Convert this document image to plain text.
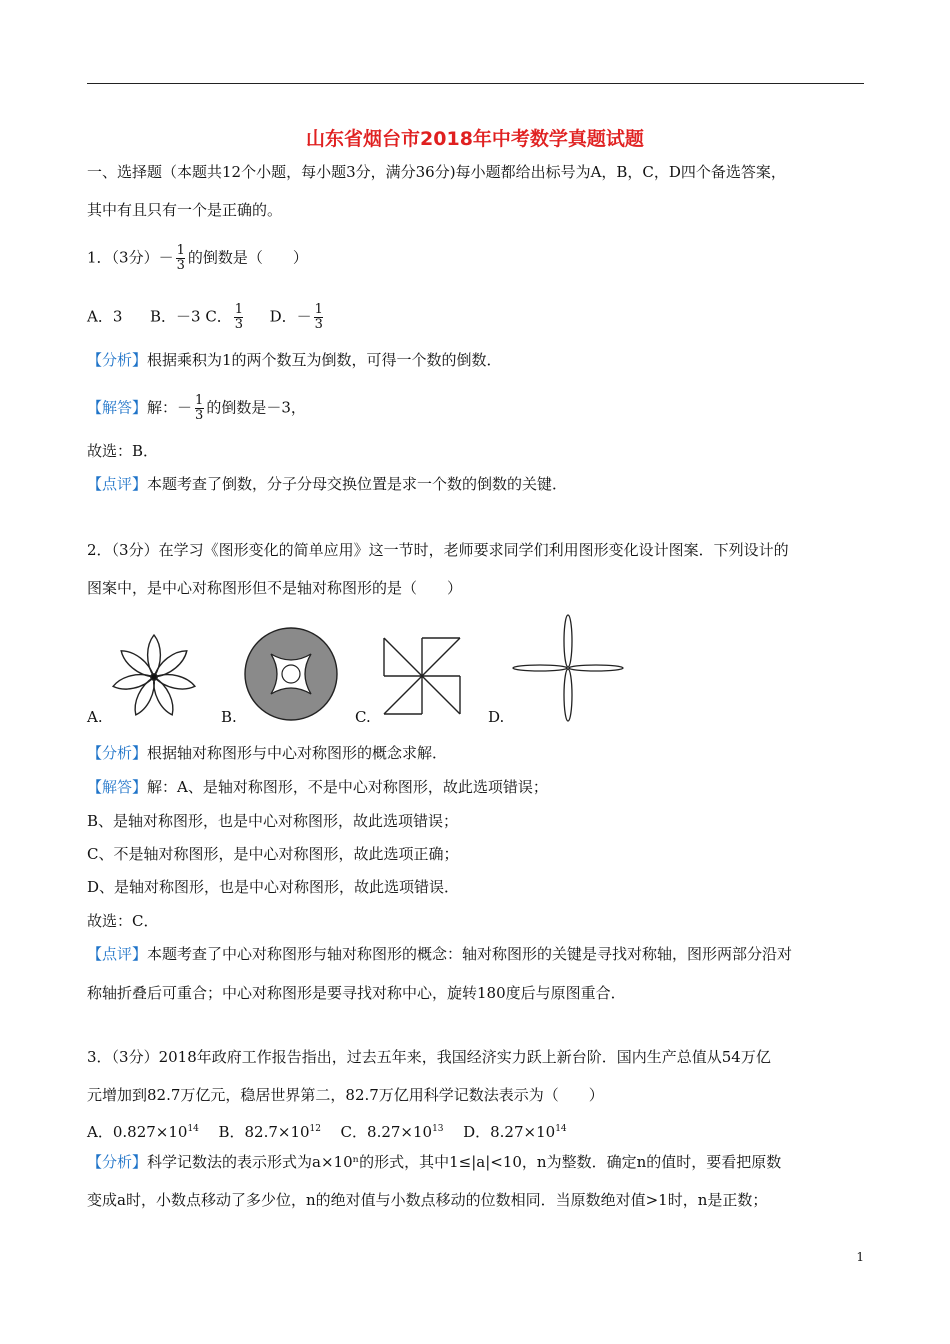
山东省烟台市2018年中考数学真题试题
一、选择题（本题共12个小题，每小题3分，满分36分)每小题都给出标号为A，B，C，D四个备选答案，
其中有且只有一个是正确的。
1．（3分）－ $\frac{1}{3}$ 的倒数是（　　）
A．3 B．－3 C． $\frac{1}{3}$ D．－ $\frac{1}{3}$
【分析】根据乘积为1的两个数互为倒数，可得一个数的倒数．
【解答】解：－ $\frac{1}{3}$ 的倒数是－3，
故选：B．
【点评】本题考查了倒数，分子分母交换位置是求一个数的倒数的关键．
2．（3分）在学习《图形变化的简单应用》这一节时，老师要求同学们利用图形变化设计图案．下列设计的
图案中，是中心对称图形但不是轴对称图形的是（　　）
A.	B.	C.	D.
【分析】根据轴对称图形与中心对称图形的概念求解．
【解答】解：A、是轴对称图形，不是中心对称图形，故此选项错误；
B、是轴对称图形，也是中心对称图形，故此选项错误；
C、不是轴对称图形，是中心对称图形，故此选项正确；
D、是轴对称图形，也是中心对称图形，故此选项错误．
故选：C．
【点评】本题考查了中心对称图形与轴对称图形的概念：轴对称图形的关键是寻找对称轴，图形两部分沿对
称轴折叠后可重合；中心对称图形是要寻找对称中心，旋转180度后与原图重合．
3．（3分）2018年政府工作报告指出，过去五年来，我国经济实力跃上新台阶．国内生产总值从54万亿
元增加到82.7万亿元，稳居世界第二，82.7万亿用科学记数法表示为（　　）
A．$0.827\times 10^{14}$ B．$82.7\times 10^{12}$ C．$8.27\times 10^{13}$ D．$8.27\times 10^{14}$
【分析】科学记数法的表示形式为a×10ⁿ的形式，其中1≤|a|<10，n为整数．确定n的值时，要看把原数
变成a时，小数点移动了多少位，n的绝对值与小数点移动的位数相同．当原数绝对值>1时，n是正数；
1
